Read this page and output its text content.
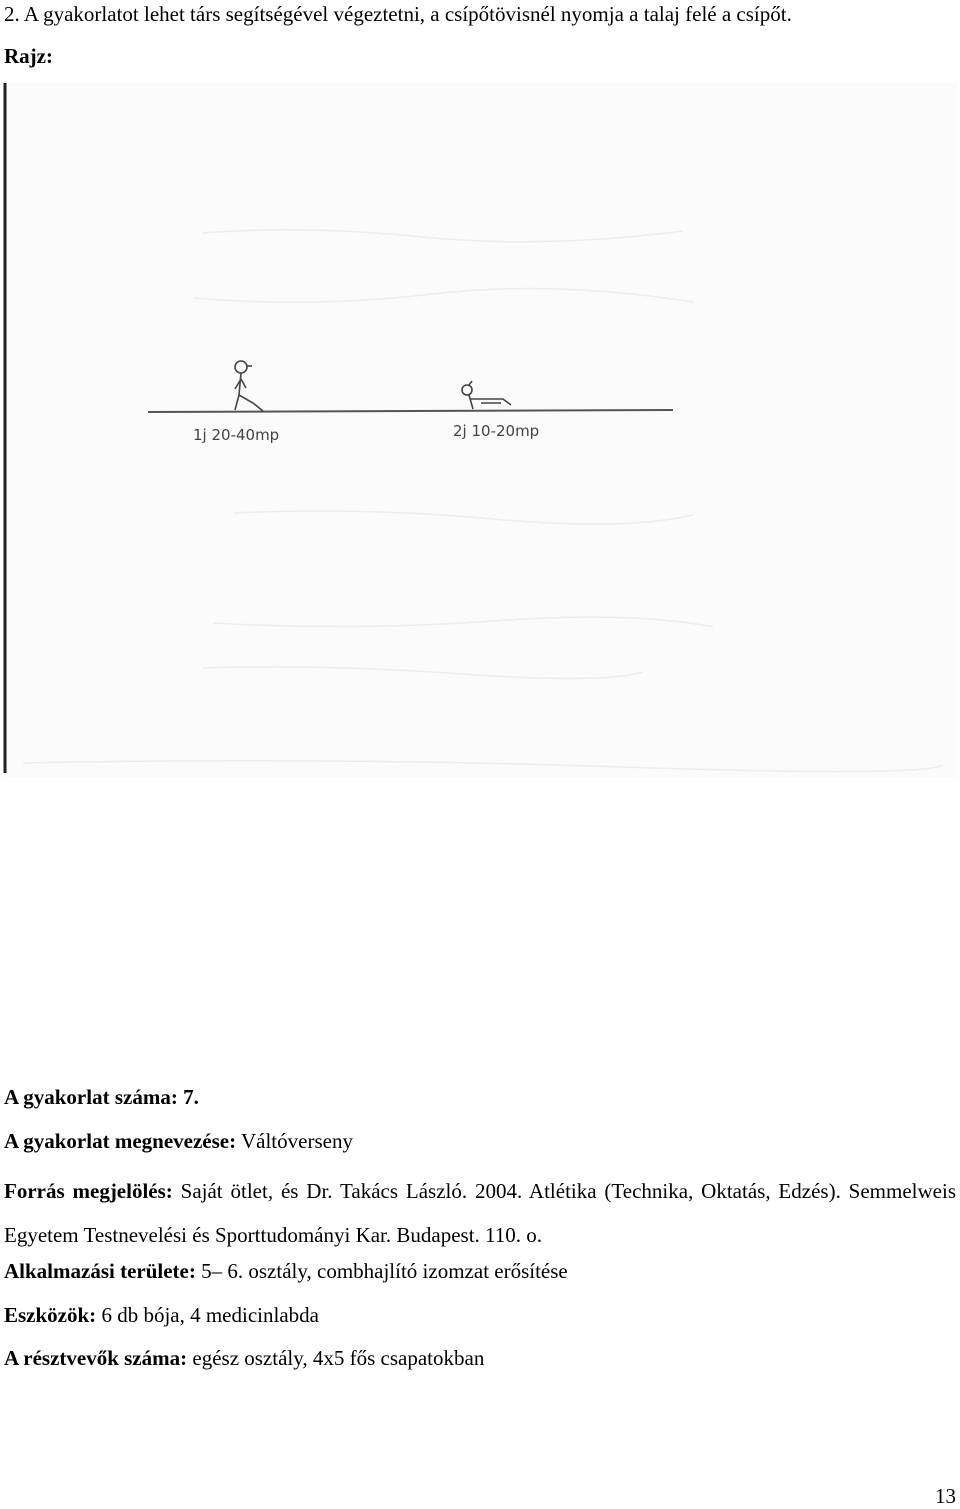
2. A gyakorlatot lehet társ segítségével végeztetni, a csípőtövisnél nyomja a talaj felé a csípőt.
Rajz:
1j 20-40mp	2j 10-20mp
A gyakorlat száma: 7.
A gyakorlat megnevezése: Váltóverseny
Forrás megjelölés: Saját ötlet, és Dr. Takács László. 2004. Atlétika (Technika, Oktatás, Edzés). Semmelweis Egyetem Testnevelési és Sporttudományi Kar. Budapest. 110. o.
Alkalmazási területe: 5– 6. osztály, combhajlító izomzat erősítése
Eszközök: 6 db bója, 4 medicinlabda
A résztvevők száma: egész osztály, 4x5 fős csapatokban
13
